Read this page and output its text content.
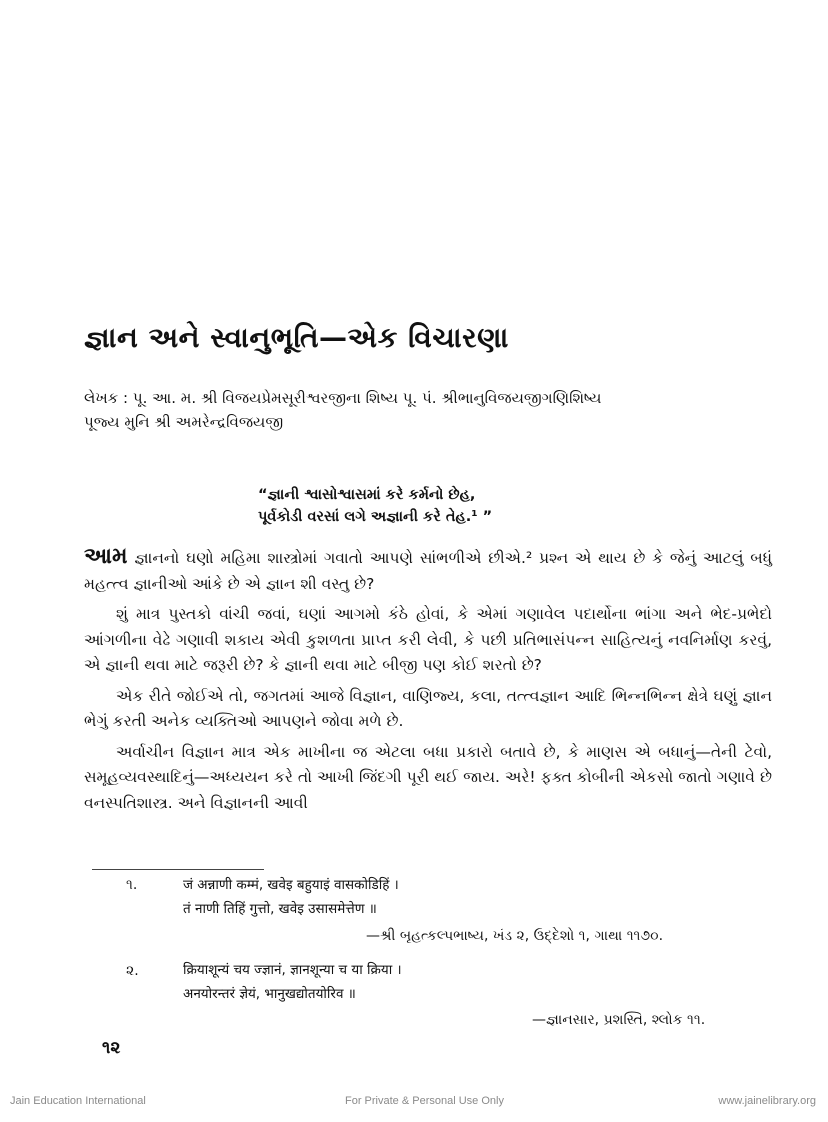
જ્ઞાન અને સ્વાનુભૂતિ—એક વિચારણા
લેખક : પૂ. આ. મ. શ્રી વિજયપ્રેમસૂરીશ્વરજીના શિષ્ય પૂ. પં. શ્રીભાનુવિજયજીગણિશિષ્ય
પૂજ્ય મુનિ શ્રી અમરેન્દ્રવિજયજી
“જ્ઞાની શ્વાસોશ્વાસમાં કરે કર્મનો છેહ,
પૂર્વકોડી વરસાં લગે અજ્ઞાની કરે તેહ.¹ ”

આમ જ્ઞાનનો ઘણો મહિમા શાસ્ત્રોમાં ગવાતો આપણે સાંભળીએ છીએ.² પ્રશ્ન એ થાય છે કે જેનું આટલું બધું મહત્ત્વ જ્ઞાનીઓ આંકે છે એ જ્ઞાન શી વસ્તુ છે?

શું માત્ર પુસ્તકો વાંચી જવાં, ઘણાં આગમો કંઠે હોવાં, કે એમાં ગણાવેલ પદાર્થોના ભાંગા અને ભેદ-પ્રભેદો આંગળીના વેઢે ગણાવી શકાય એવી કુશળતા પ્રાપ્ત કરી લેવી, કે પછી પ્રતિભાસંપન્ન સાહિત્યનું નવનિર્માણ કરવું, એ જ્ઞાની થવા માટે જરૂરી છે? કે જ્ઞાની થવા માટે બીજી પણ કોઈ શરતો છે?

એક રીતે જોઈએ તો, જગતમાં આજે વિજ્ઞાન, વાણિજ્ય, કલા, તત્ત્વજ્ઞાન આદિ ભિન્નભિન્ન ક્ષેત્રે ઘણું જ્ઞાન ભેગું કરતી અનેક વ્યક્તિઓ આપણને જોવા મળે છે.

અર્વાચીન વિજ્ઞાન માત્ર એક માખીના જ એટલા બધા પ્રકારો બતાવે છે, કે માણસ એ બધાનું—તેની ટેવો, સમૂહવ્યવસ્થાદિનું—અધ્યયન કરે તો આખી જિંદગી પૂરી થઈ જાય. અરે! ફક્ત કોબીની એકસો જાતો ગણાવે છે વનસ્પતિશાસ્ત્ર. અને વિજ્ઞાનની આવી

૧.	जं अन्नाणी कम्मं, खवेइ बहुयाइं वासकोडिहिं ।
तं नाणी तिहिं गुत्तो, खवेइ उसासमेत्तेण ॥
—શ્રી બૃહત્કલ્પભાષ્ય, ખંડ ૨, ઉદ્દેશો ૧, ગાથા ૧૧૭૦.
૨.	क्रियाशून्यं चय ज्ज्ञानं, ज्ञानशून्या च या क्रिया ।
अनयोरन्तरं ज्ञेयं, भानुखद्योतयोरिव ॥
—જ્ઞાનસાર, પ્રશસ્તિ, શ્લોક ૧૧.
૧૨
Jain Education International	For Private & Personal Use Only	www.jainelibrary.org
